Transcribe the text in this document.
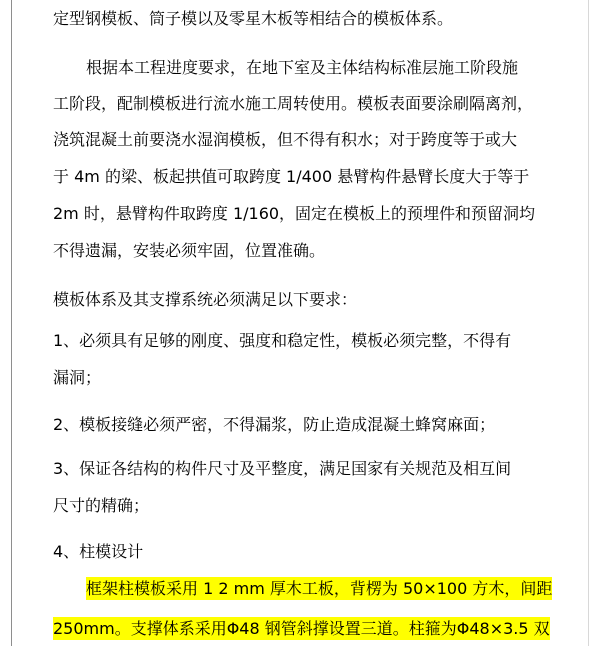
定型钢模板、筒子模以及零星木板等相结合的模板体系。
根据本工程进度要求，在地下室及主体结构标准层施工阶段施
工阶段，配制模板进行流水施工周转使用。模板表面要涂刷隔离剂，
浇筑混凝土前要浇水湿润模板，但不得有积水；对于跨度等于或大
于 4m 的梁、板起拱值可取跨度 1/400 悬臂构件悬臂长度大于等于
2m 时，悬臂构件取跨度 1/160，固定在模板上的预埋件和预留洞均
不得遗漏，安装必须牢固，位置准确。
模板体系及其支撑系统必须满足以下要求：
1、必须具有足够的刚度、强度和稳定性，模板必须完整，不得有
漏洞；
2、模板接缝必须严密，不得漏浆，防止造成混凝土蜂窝麻面；
3、保证各结构的构件尺寸及平整度，满足国家有关规范及相互间
尺寸的精确；
4、柱模设计
框架柱模板采用 1 2 mm 厚木工板，背楞为 50×100 方木，间距
250mm。支撑体系采用Φ48 钢管斜撑设置三道。柱箍为Φ48×3.5 双
